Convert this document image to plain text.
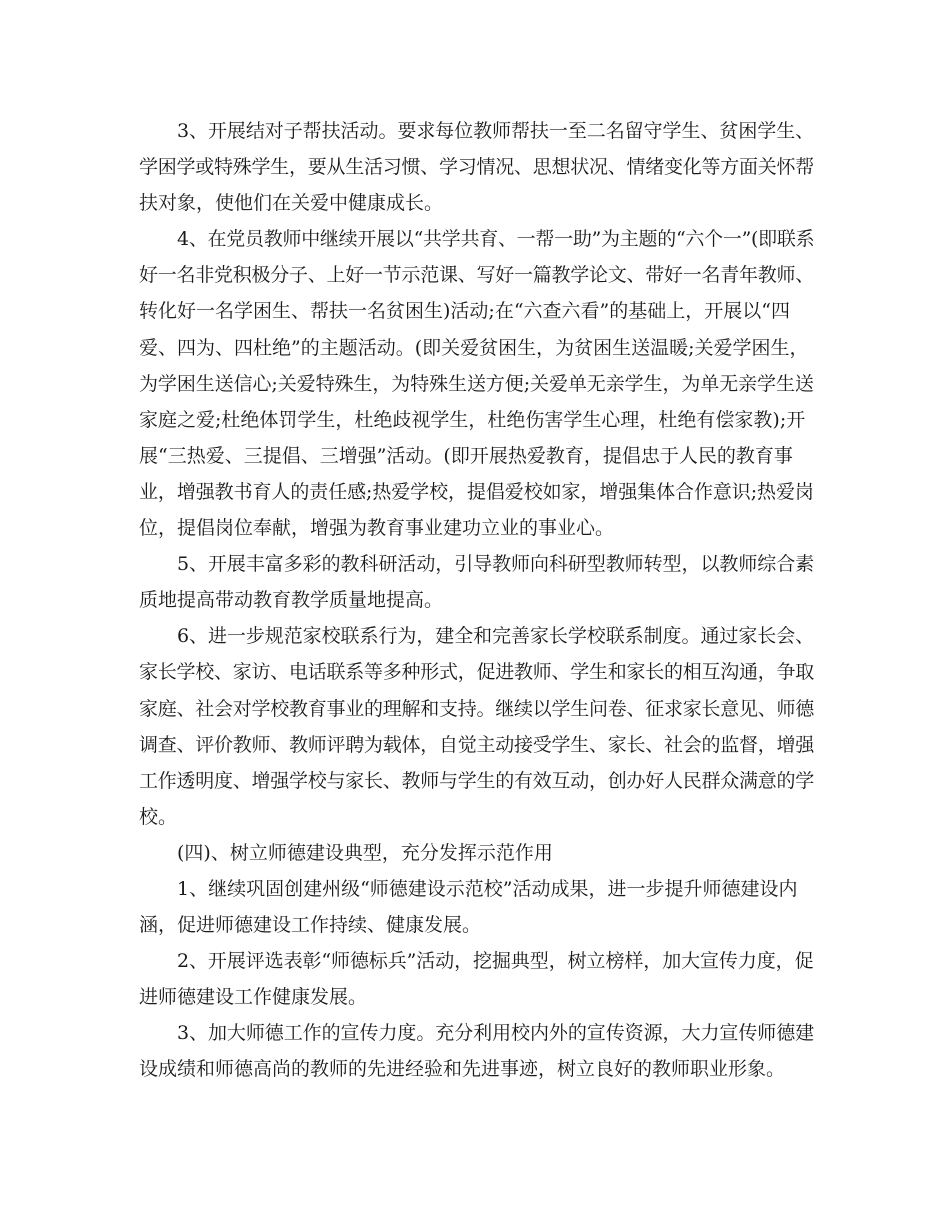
3、开展结对子帮扶活动。要求每位教师帮扶一至二名留守学生、贫困学生、
学困学或特殊学生，要从生活习惯、学习情况、思想状况、情绪变化等方面关怀帮
扶对象，使他们在关爱中健康成长。
4、在党员教师中继续开展以“共学共育、一帮一助”为主题的“六个一”(即联系
好一名非党积极分子、上好一节示范课、写好一篇教学论文、带好一名青年教师、
转化好一名学困生、帮扶一名贫困生)活动;在“六查六看”的基础上，开展以“四
爱、四为、四杜绝”的主题活动。(即关爱贫困生，为贫困生送温暖;关爱学困生，
为学困生送信心;关爱特殊生，为特殊生送方便;关爱单无亲学生，为单无亲学生送
家庭之爱;杜绝体罚学生，杜绝歧视学生，杜绝伤害学生心理，杜绝有偿家教);开
展“三热爱、三提倡、三增强”活动。(即开展热爱教育，提倡忠于人民的教育事
业，增强教书育人的责任感;热爱学校，提倡爱校如家，增强集体合作意识;热爱岗
位，提倡岗位奉献，增强为教育事业建功立业的事业心。
5、开展丰富多彩的教科研活动，引导教师向科研型教师转型，以教师综合素
质地提高带动教育教学质量地提高。
6、进一步规范家校联系行为，建全和完善家长学校联系制度。通过家长会、
家长学校、家访、电话联系等多种形式，促进教师、学生和家长的相互沟通，争取
家庭、社会对学校教育事业的理解和支持。继续以学生问卷、征求家长意见、师德
调查、评价教师、教师评聘为载体，自觉主动接受学生、家长、社会的监督，增强
工作透明度、增强学校与家长、教师与学生的有效互动，创办好人民群众满意的学
校。
(四)、树立师德建设典型，充分发挥示范作用
1、继续巩固创建州级“师德建设示范校”活动成果，进一步提升师德建设内
涵，促进师德建设工作持续、健康发展。
2、开展评选表彰“师德标兵”活动，挖掘典型，树立榜样，加大宣传力度，促
进师德建设工作健康发展。
3、加大师德工作的宣传力度。充分利用校内外的宣传资源，大力宣传师德建
设成绩和师德高尚的教师的先进经验和先进事迹，树立良好的教师职业形象。
